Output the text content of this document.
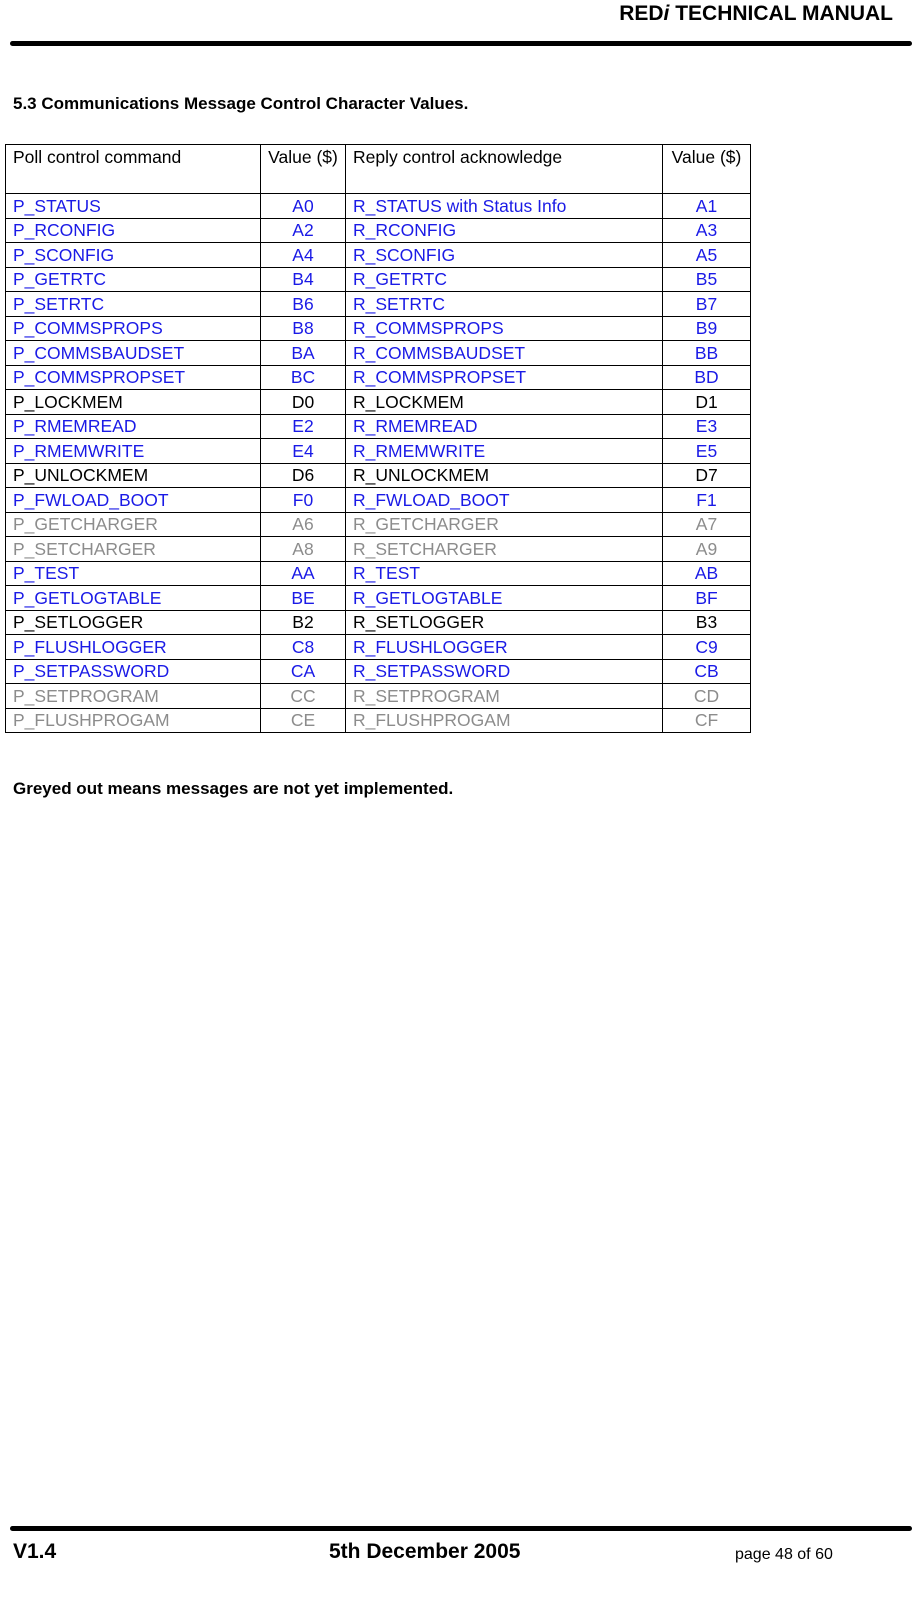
REDi TECHNICAL MANUAL
5.3 Communications Message Control Character Values.
Poll control command	Value ($)	Reply control acknowledge	Value ($)
P_STATUS	A0	R_STATUS with Status Info	A1
P_RCONFIG	A2	R_RCONFIG	A3
P_SCONFIG	A4	R_SCONFIG	A5
P_GETRTC	B4	R_GETRTC	B5
P_SETRTC	B6	R_SETRTC	B7
P_COMMSPROPS	B8	R_COMMSPROPS	B9
P_COMMSBAUDSET	BA	R_COMMSBAUDSET	BB
P_COMMSPROPSET	BC	R_COMMSPROPSET	BD
P_LOCKMEM	D0	R_LOCKMEM	D1
P_RMEMREAD	E2	R_RMEMREAD	E3
P_RMEMWRITE	E4	R_RMEMWRITE	E5
P_UNLOCKMEM	D6	R_UNLOCKMEM	D7
P_FWLOAD_BOOT	F0	R_FWLOAD_BOOT	F1
P_GETCHARGER	A6	R_GETCHARGER	A7
P_SETCHARGER	A8	R_SETCHARGER	A9
P_TEST	AA	R_TEST	AB
P_GETLOGTABLE	BE	R_GETLOGTABLE	BF
P_SETLOGGER	B2	R_SETLOGGER	B3
P_FLUSHLOGGER	C8	R_FLUSHLOGGER	C9
P_SETPASSWORD	CA	R_SETPASSWORD	CB
P_SETPROGRAM	CC	R_SETPROGRAM	CD
P_FLUSHPROGAM	CE	R_FLUSHPROGAM	CF
Greyed out means messages are not yet implemented.
V1.4	5th December 2005	page 48 of 60
